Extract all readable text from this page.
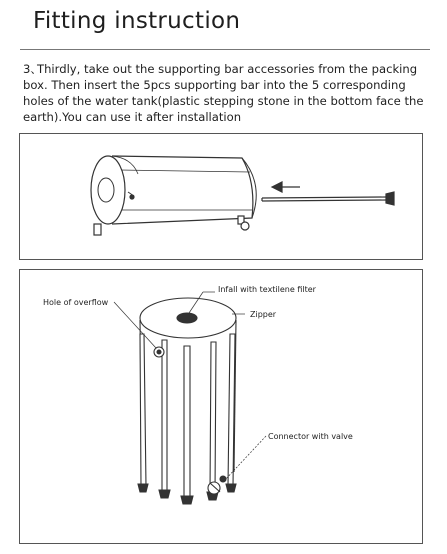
Fitting instruction
3、Thirdly, take out the supporting bar accessories from the packing box. Then insert the 5pcs supporting bar into the 5 corresponding holes of the water tank(plastic stepping stone in the bottom face the earth).You can use it after installation
Hole of overflow
Infall with textilene filter
Zipper
Connector with valve
